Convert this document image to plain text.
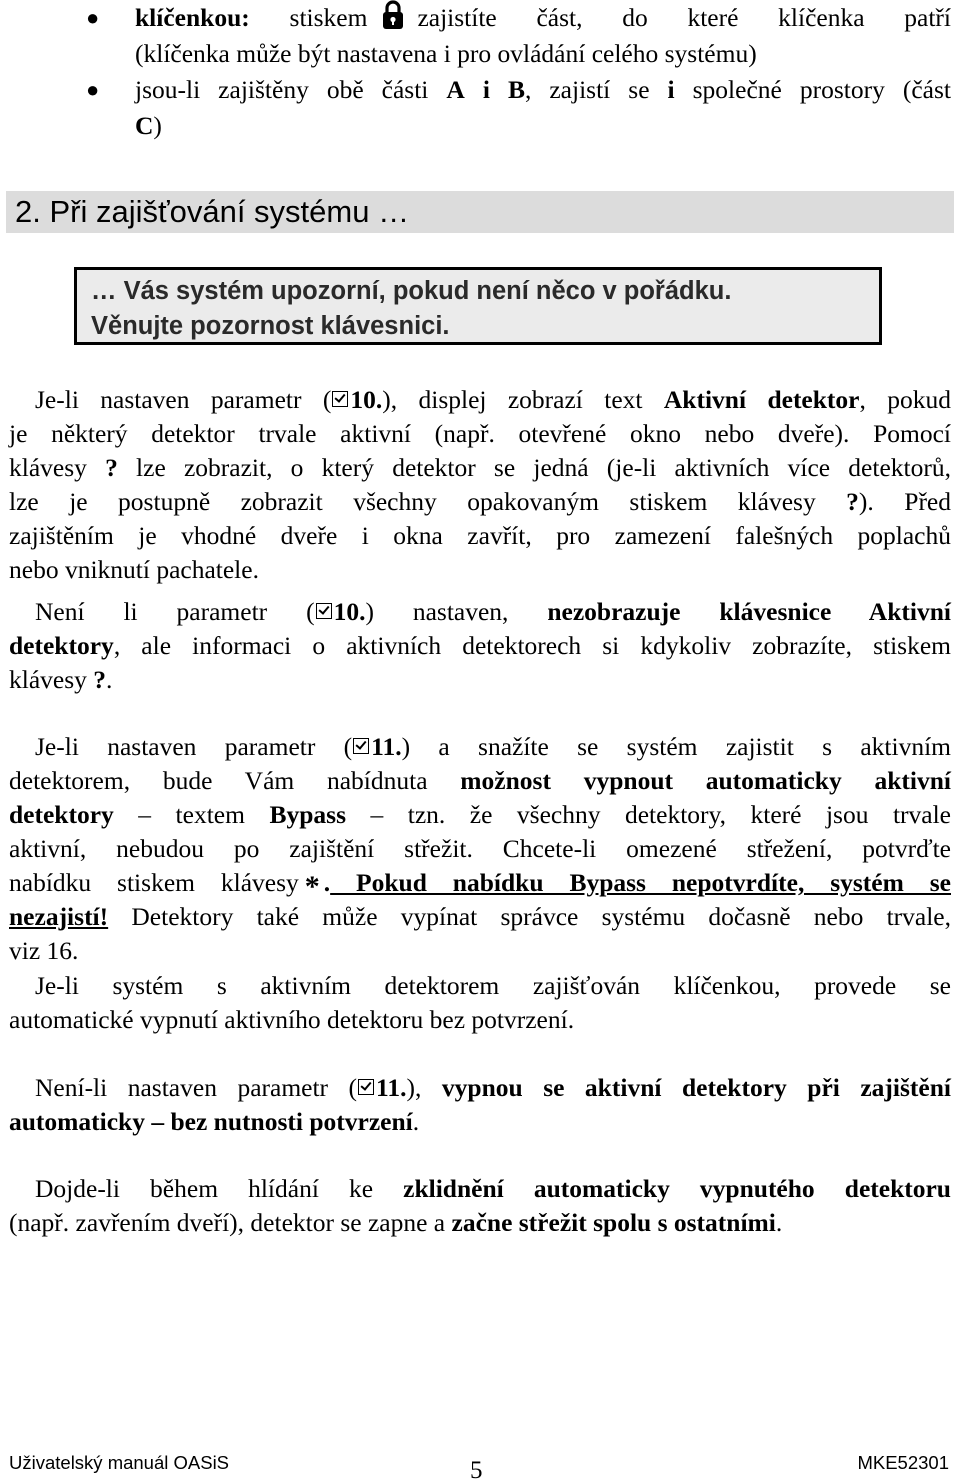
● klíčenkou: stiskem zajistíte část, do které klíčenka patří

(klíčenka může být nastavena i pro ovládání celého systému)

● jsou-li zajištěny obě části A i B, zajistí se i společné prostory (část

C)

2. Při zajišťování systému …
… Vás systém upozorní, pokud není něco v pořádku.
Věnujte pozornost klávesnici.

Je-li nastaven parametr ( 10.), displej zobrazí text Aktivní detektor, pokud

je některý detektor trvale aktivní (např. otevřené okno nebo dveře). Pomocí

klávesy ? lze zobrazit, o který detektor se jedná (je-li aktivních více detektorů,

lze je postupně zobrazit všechny opakovaným stiskem klávesy ?). Před

zajištěním je vhodné dveře i okna zavřít, pro zamezení falešných poplachů

nebo vniknutí pachatele.

Není li parametr ( 10.) nastaven, nezobrazuje klávesnice Aktivní

detektory, ale informaci o aktivních detektorech si kdykoliv zobrazíte, stiskem

klávesy ?.

Je-li nastaven parametr ( 11.) a snažíte se systém zajistit s aktivním

detektorem, bude Vám nabídnuta možnost vypnout automaticky aktivní

detektory – textem Bypass – tzn. že všechny detektory, které jsou trvale

aktivní, nebudou po zajištění střežit. Chcete-li omezené střežení, potvrďte

nabídku stiskem klávesy * . Pokud nabídku Bypass nepotvrdíte, systém se

nezajistí! Detektory také může vypínat správce systému dočasně nebo trvale,

viz 16.

Je-li systém s aktivním detektorem zajišťován klíčenkou, provede se

automatické vypnutí aktivního detektoru bez potvrzení.

Není-li nastaven parametr ( 11.), vypnou se aktivní detektory při zajištění

automaticky – bez nutnosti potvrzení.

Dojde-li během hlídání ke zklidnění automaticky vypnutého detektoru

(např. zavřením dveří), detektor se zapne a začne střežit spolu s ostatními.

Uživatelský manuál OASiS	5	MKE52301
